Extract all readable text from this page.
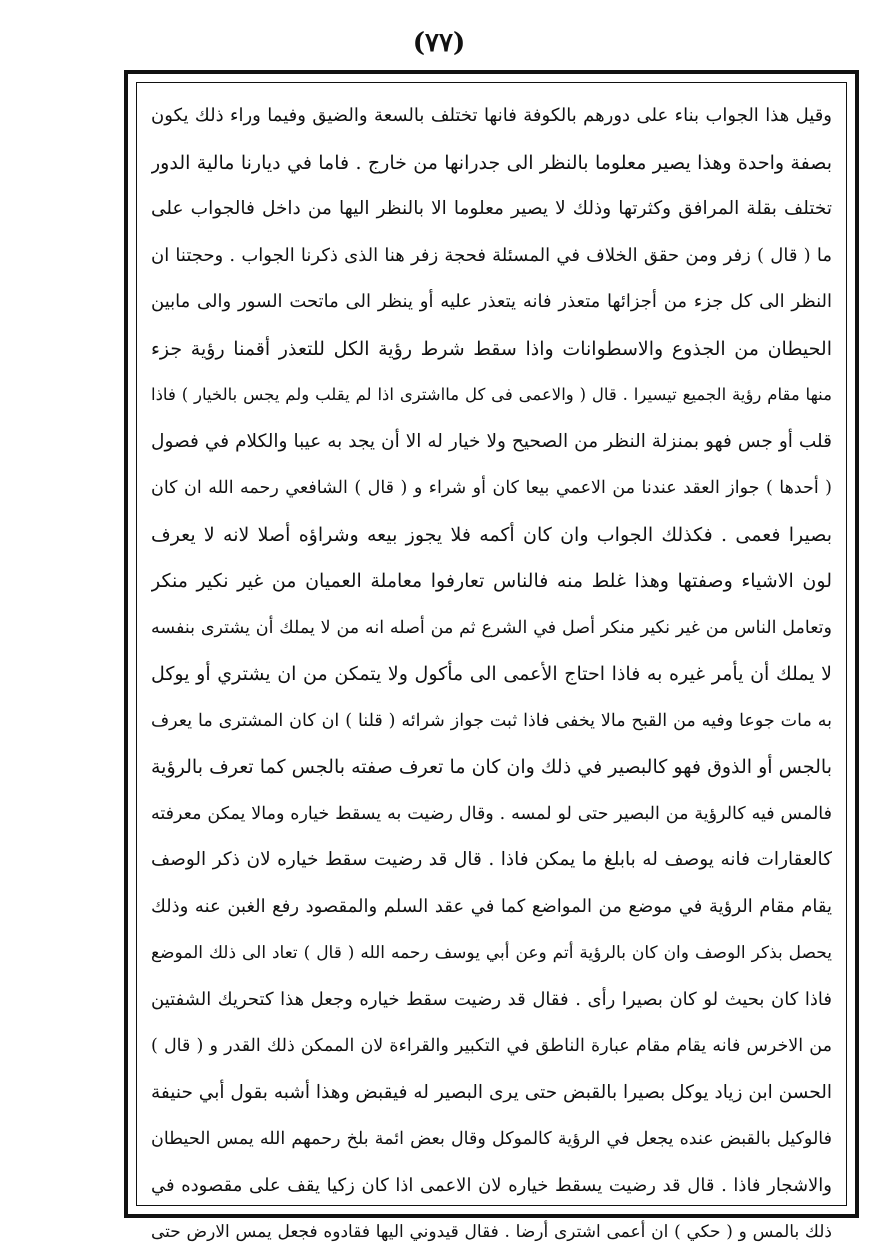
(٧٧)
وقيل هذا الجواب بناء على دورهم بالكوفة فانها تختلف بالسعة والضيق وفيما وراء ذلك يكون
بصفة واحدة وهذا يصير معلوما بالنظر الى جدرانها من خارج . فاما في ديارنا مالية الدور
تختلف بقلة المرافق وكثرتها وذلك لا يصير معلوما الا بالنظر اليها من داخل فالجواب على
ما ( قال ) زفر ومن حقق الخلاف في المسئلة فحجة زفر هنا الذى ذكرنا الجواب . وحجتنا ان
النظر الى كل جزء من أجزائها متعذر فانه يتعذر عليه أو ينظر الى ماتحت السور والى مابين
الحيطان من الجذوع والاسطوانات واذا سقط شرط رؤية الكل للتعذر أقمنا رؤية جزء
منها مقام رؤية الجميع تيسيرا . قال ( والاعمى فى كل مااشترى اذا لم يقلب ولم يجس بالخيار ) فاذا
قلب أو جس فهو بمنزلة النظر من الصحيح ولا خيار له الا أن يجد به عيبا والكلام في فصول
( أحدها ) جواز العقد عندنا من الاعمي بيعا كان أو شراء و ( قال ) الشافعي رحمه الله ان كان
بصيرا فعمى . فكذلك الجواب وان كان أكمه فلا يجوز بيعه وشراؤه أصلا لانه لا يعرف
لون الاشياء وصفتها وهذا غلط منه فالناس تعارفوا معاملة العميان من غير نكير منكر
وتعامل الناس من غير نكير منكر أصل في الشرع ثم من أصله انه من لا يملك أن يشترى بنفسه
لا يملك أن يأمر غيره به فاذا احتاج الأعمى الى مأكول ولا يتمكن من ان يشتري أو يوكل
به مات جوعا وفيه من القبح مالا يخفى فاذا ثبت جواز شرائه ( قلنا ) ان كان المشترى ما يعرف
بالجس أو الذوق فهو كالبصير في ذلك وان كان ما تعرف صفته بالجس كما تعرف بالرؤية
فالمس فيه كالرؤية من البصير حتى لو لمسه . وقال رضيت به يسقط خياره ومالا يمكن معرفته
كالعقارات فانه يوصف له بابلغ ما يمكن فاذا . قال قد رضيت سقط خياره لان ذكر الوصف
يقام مقام الرؤية في موضع من المواضع كما في عقد السلم والمقصود رفع الغبن عنه وذلك
يحصل بذكر الوصف وان كان بالرؤية أتم وعن أبي يوسف رحمه الله ( قال ) تعاد الى ذلك الموضع
فاذا كان بحيث لو كان بصيرا رأى . فقال قد رضيت سقط خياره وجعل هذا كتحريك الشفتين
من الاخرس فانه يقام مقام عبارة الناطق في التكبير والقراءة لان الممكن ذلك القدر و ( قال )
الحسن ابن زياد يوكل بصيرا بالقبض حتى يرى البصير له فيقبض وهذا أشبه بقول أبي حنيفة
فالوكيل بالقبض عنده يجعل في الرؤية كالموكل وقال بعض ائمة بلخ رحمهم الله يمس الحيطان
والاشجار فاذا . قال قد رضيت يسقط خياره لان الاعمى اذا كان زكيا يقف على مقصوده في
ذلك بالمس و ( حكي ) ان أعمى اشترى أرضا . فقال قيدوني اليها فقادوه فجعل يمس الارض حتى
